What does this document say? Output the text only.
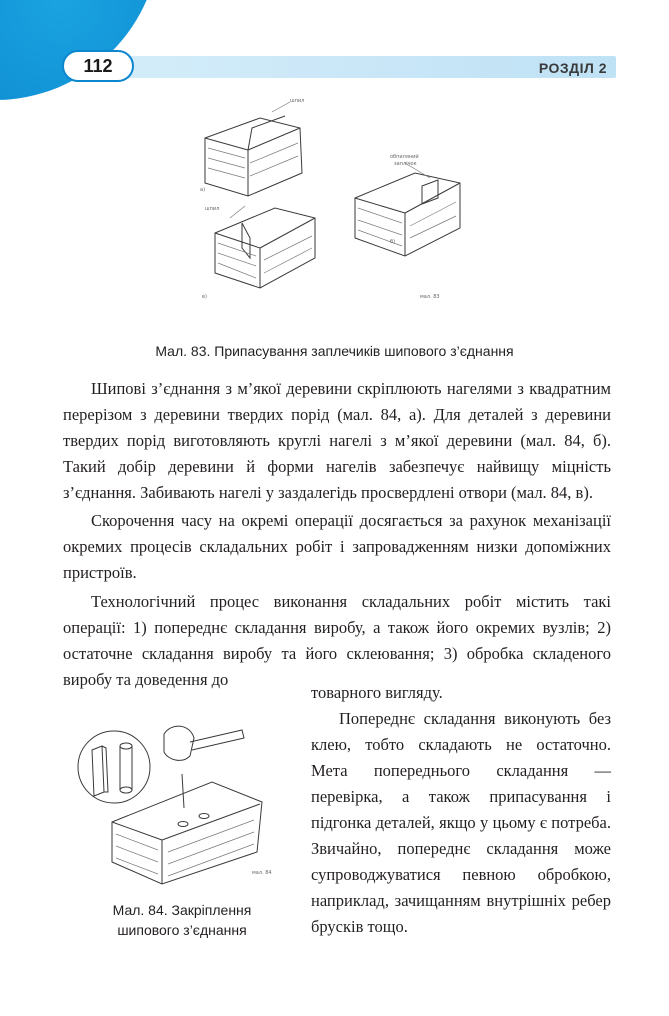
112	РОЗДІЛ 2
шпил
а)
шпил
в)
обпиляний
заплічок
б)
мал. 83
Мал. 83. Припасування заплечиків шипового з’єднання

Шипові з’єднання з м’якої деревини скріплюють нагелями з квадратним перерізом з деревини твердих порід (мал. 84, а). Для деталей з деревини твердих порід виготовляють круглі нагелі з м’якої деревини (мал. 84, б). Такий добір деревини й форми нагелів забезпечує найвищу міцність з’єднання. Забивають нагелі у заздалегідь просвердлені отвори (мал. 84, в).

Скорочення часу на окремі операції досягається за рахунок механізації окремих процесів складальних робіт і запровадженням низки допоміжних пристроїв.

Технологічний процес виконання складальних робіт містить такі операції: 1) попереднє складання виробу, а також його окремих вузлів; 2) остаточне складання виробу та його склеювання; 3) обробка складеного виробу та доведення до

товарного вигляду.

мал. 84
Мал. 84. Закріплення
шипового з’єднання

Попереднє складання виконують без клею, тобто складають не остаточно. Мета попереднього складання — перевірка, а також припасування і підгонка деталей, якщо у цьому є потреба. Звичайно, попереднє складання може супроводжуватися певною обробкою, наприклад, зачищанням внутрішніх ребер брусків тощо.
